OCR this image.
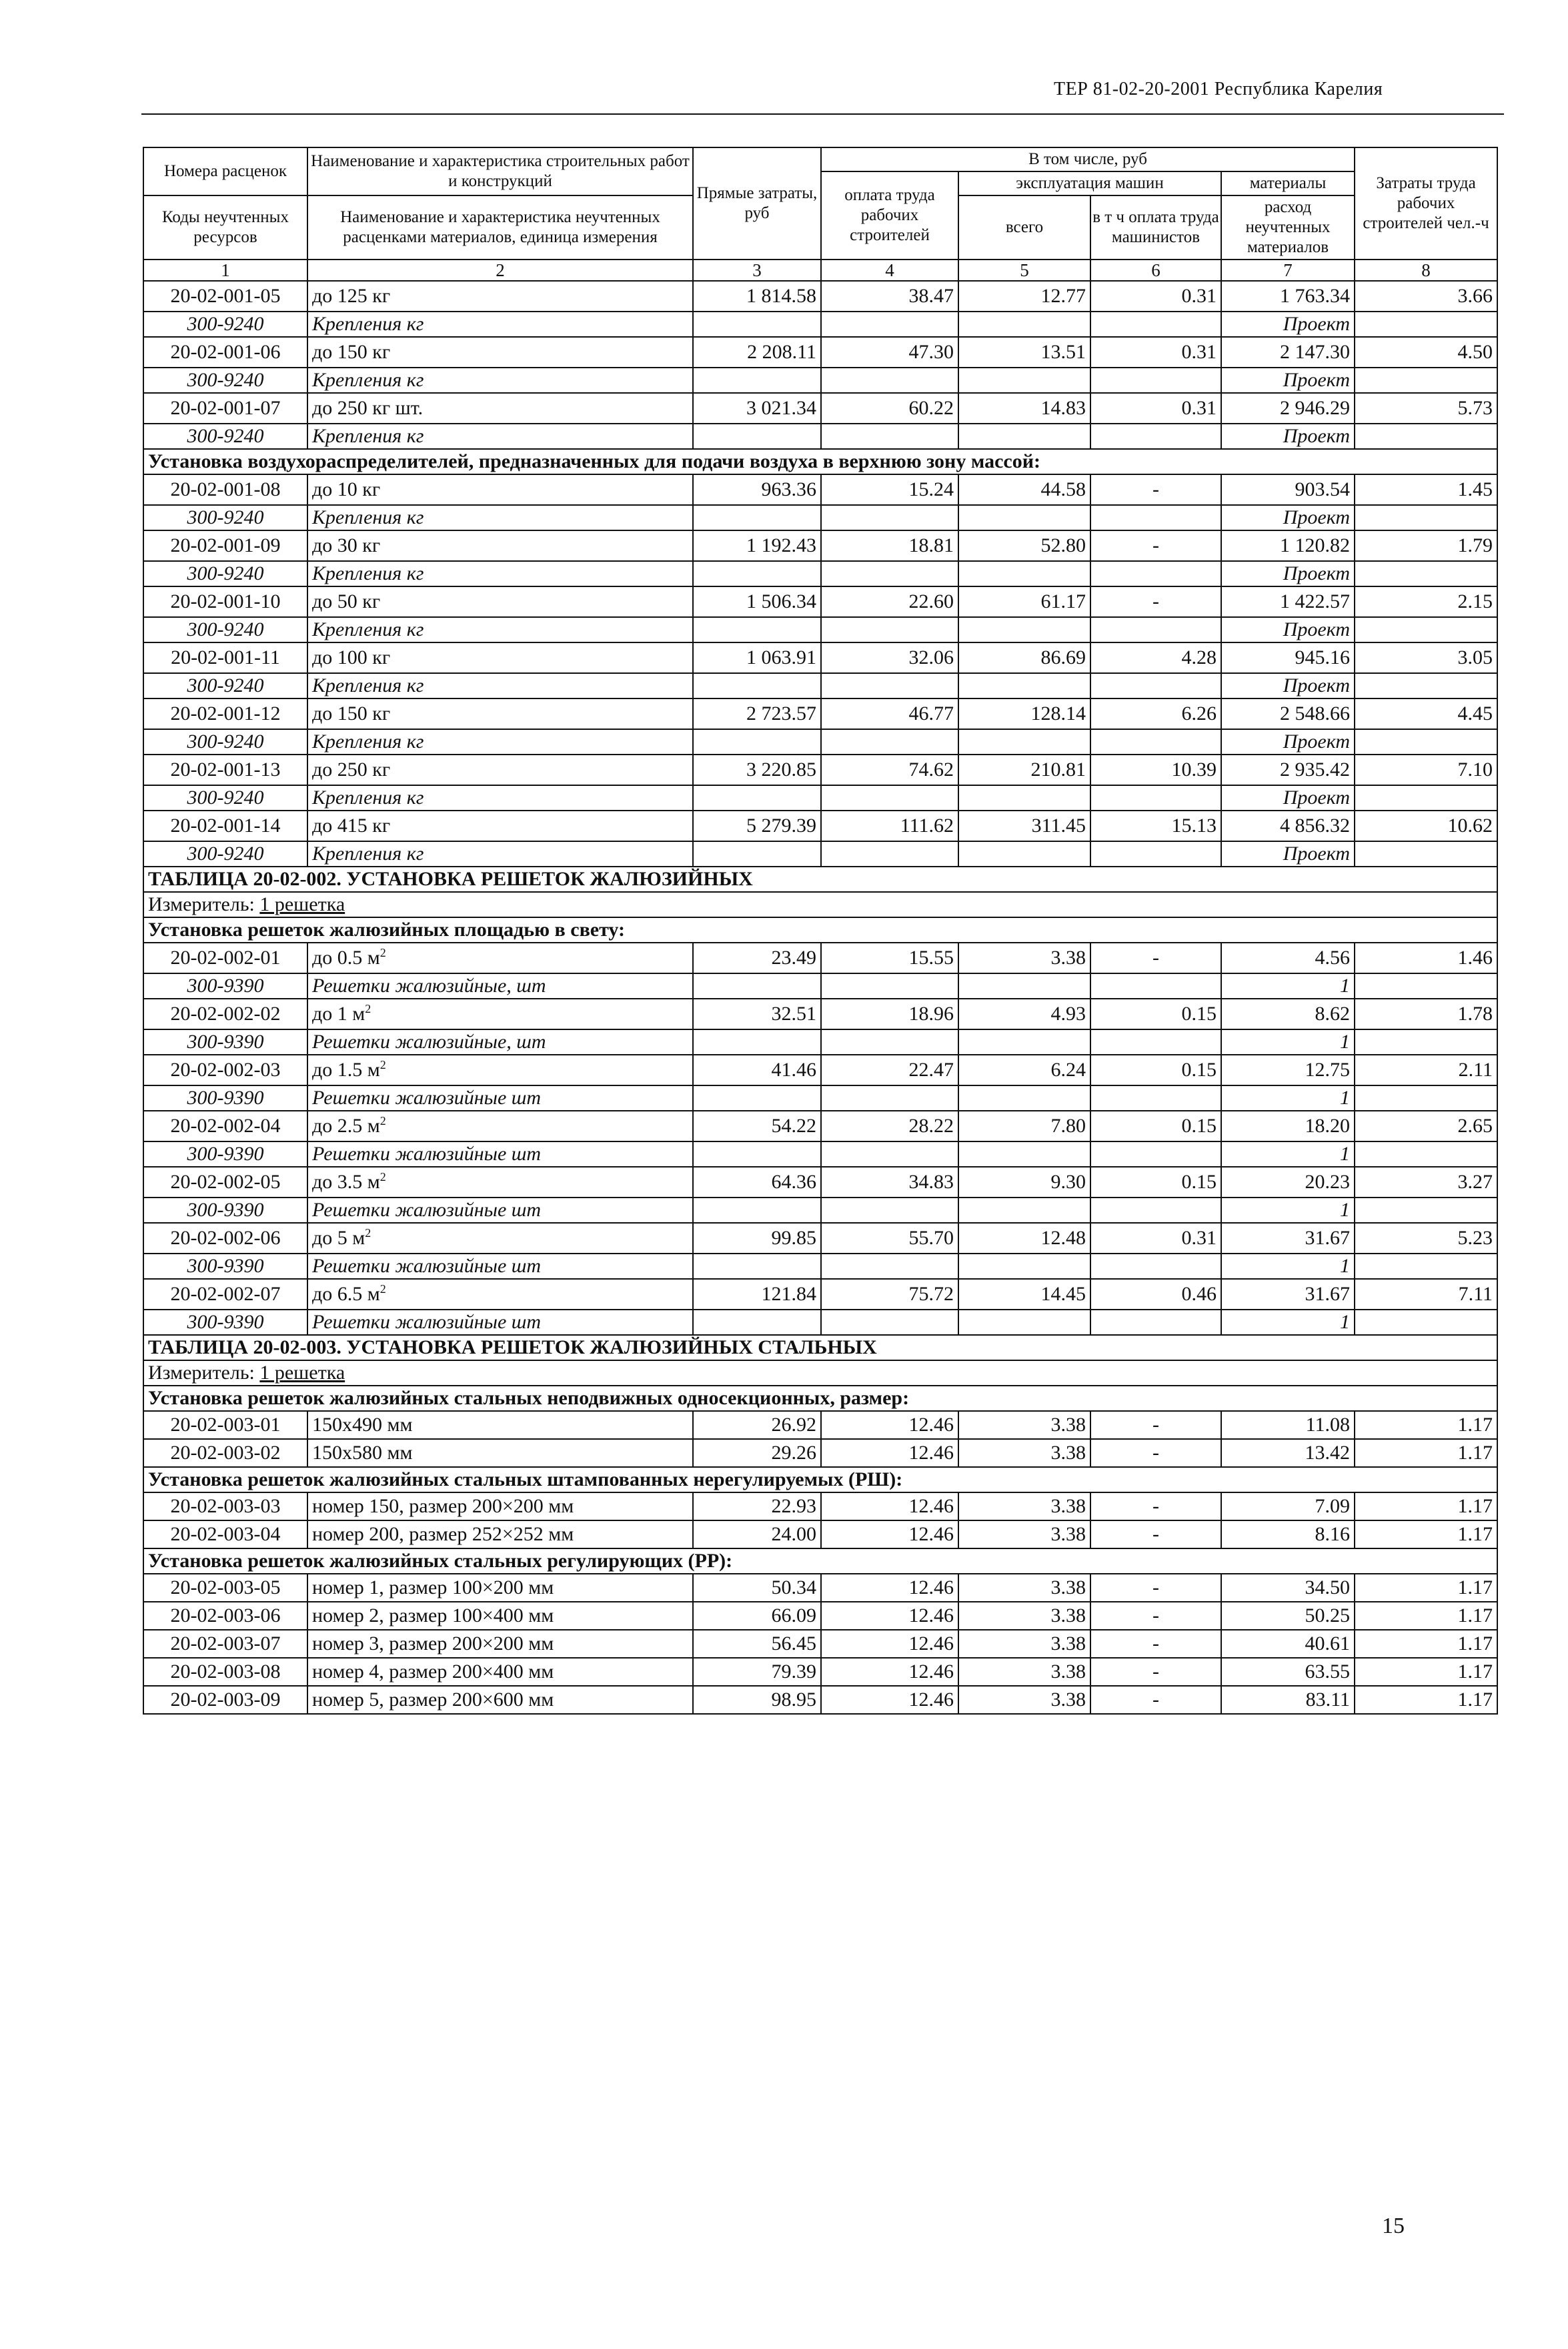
ТЕР 81-02-20-2001 Республика Карелия
Номера расценок	Наименование и характеристика строительных работ и конструкций	Прямые затраты, руб	В том числе, руб				Затраты труда рабочих строителей чел.-ч
			оплата труда рабочих строителей	эксплуатация машин		материалы	
Коды неучтенных ресурсов	Наименование и характеристика неучтенных расценками материалов, единица измерения			всего	в т ч оплата труда машинистов	расход неучтенных материалов	

1	2	3	4	5	6	7	8
20-02-001-05	до 125 кг	1 814.58	38.47	12.77	0.31	1 763.34	3.66
300-9240	Крепления кг					Проект	
20-02-001-06	до 150 кг	2 208.11	47.30	13.51	0.31	2 147.30	4.50
300-9240	Крепления кг					Проект	
20-02-001-07	до 250 кг шт.	3 021.34	60.22	14.83	0.31	2 946.29	5.73
300-9240	Крепления кг					Проект	
Установка воздухораспределителей, предназначенных для подачи воздуха в верхнюю зону массой:							
20-02-001-08	до 10 кг	963.36	15.24	44.58	-	903.54	1.45
300-9240	Крепления кг					Проект	
20-02-001-09	до 30 кг	1 192.43	18.81	52.80	-	1 120.82	1.79
300-9240	Крепления кг					Проект	
20-02-001-10	до 50 кг	1 506.34	22.60	61.17	-	1 422.57	2.15
300-9240	Крепления кг					Проект	
20-02-001-11	до 100 кг	1 063.91	32.06	86.69	4.28	945.16	3.05
300-9240	Крепления кг					Проект	
20-02-001-12	до 150 кг	2 723.57	46.77	128.14	6.26	2 548.66	4.45
300-9240	Крепления кг					Проект	
20-02-001-13	до 250 кг	3 220.85	74.62	210.81	10.39	2 935.42	7.10
300-9240	Крепления кг					Проект	
20-02-001-14	до 415 кг	5 279.39	111.62	311.45	15.13	4 856.32	10.62
300-9240	Крепления кг					Проект	
ТАБЛИЦА 20-02-002. УСТАНОВКА РЕШЕТОК ЖАЛЮЗИЙНЫХ							
Измеритель: 1 решетка							
Установка решеток жалюзийных площадью в свету:							
20-02-002-01	до 0.5 $м^2$	23.49	15.55	3.38	-	4.56	1.46
300-9390	Решетки жалюзийные, шт					1	
20-02-002-02	до 1 $м^2$	32.51	18.96	4.93	0.15	8.62	1.78
300-9390	Решетки жалюзийные, шт					1	
20-02-002-03	до 1.5 $м^2$	41.46	22.47	6.24	0.15	12.75	2.11
300-9390	Решетки жалюзийные шт					1	
20-02-002-04	до 2.5 $м^2$	54.22	28.22	7.80	0.15	18.20	2.65
300-9390	Решетки жалюзийные шт					1	
20-02-002-05	до 3.5 $м^2$	64.36	34.83	9.30	0.15	20.23	3.27
300-9390	Решетки жалюзийные шт					1	
20-02-002-06	до 5 $м^2$	99.85	55.70	12.48	0.31	31.67	5.23
300-9390	Решетки жалюзийные шт					1	
20-02-002-07	до 6.5 $м^2$	121.84	75.72	14.45	0.46	31.67	7.11
300-9390	Решетки жалюзийные шт					1	
ТАБЛИЦА 20-02-003. УСТАНОВКА РЕШЕТОК ЖАЛЮЗИЙНЫХ СТАЛЬНЫХ							
Измеритель: 1 решетка							
Установка решеток жалюзийных стальных неподвижных односекционных, размер:							
20-02-003-01	150х490 мм	26.92	12.46	3.38	-	11.08	1.17
20-02-003-02	150х580 мм	29.26	12.46	3.38	-	13.42	1.17
Установка решеток жалюзийных стальных штампованных нерегулируемых (РШ):							
20-02-003-03	номер 150, размер 200×200 мм	22.93	12.46	3.38	-	7.09	1.17
20-02-003-04	номер 200, размер 252×252 мм	24.00	12.46	3.38	-	8.16	1.17
Установка решеток жалюзийных стальных регулирующих (РР):							
20-02-003-05	номер 1, размер 100×200 мм	50.34	12.46	3.38	-	34.50	1.17
20-02-003-06	номер 2, размер 100×400 мм	66.09	12.46	3.38	-	50.25	1.17
20-02-003-07	номер 3, размер 200×200 мм	56.45	12.46	3.38	-	40.61	1.17
20-02-003-08	номер 4, размер 200×400 мм	79.39	12.46	3.38	-	63.55	1.17
20-02-003-09	номер 5, размер 200×600 мм	98.95	12.46	3.38	-	83.11	1.17
15
